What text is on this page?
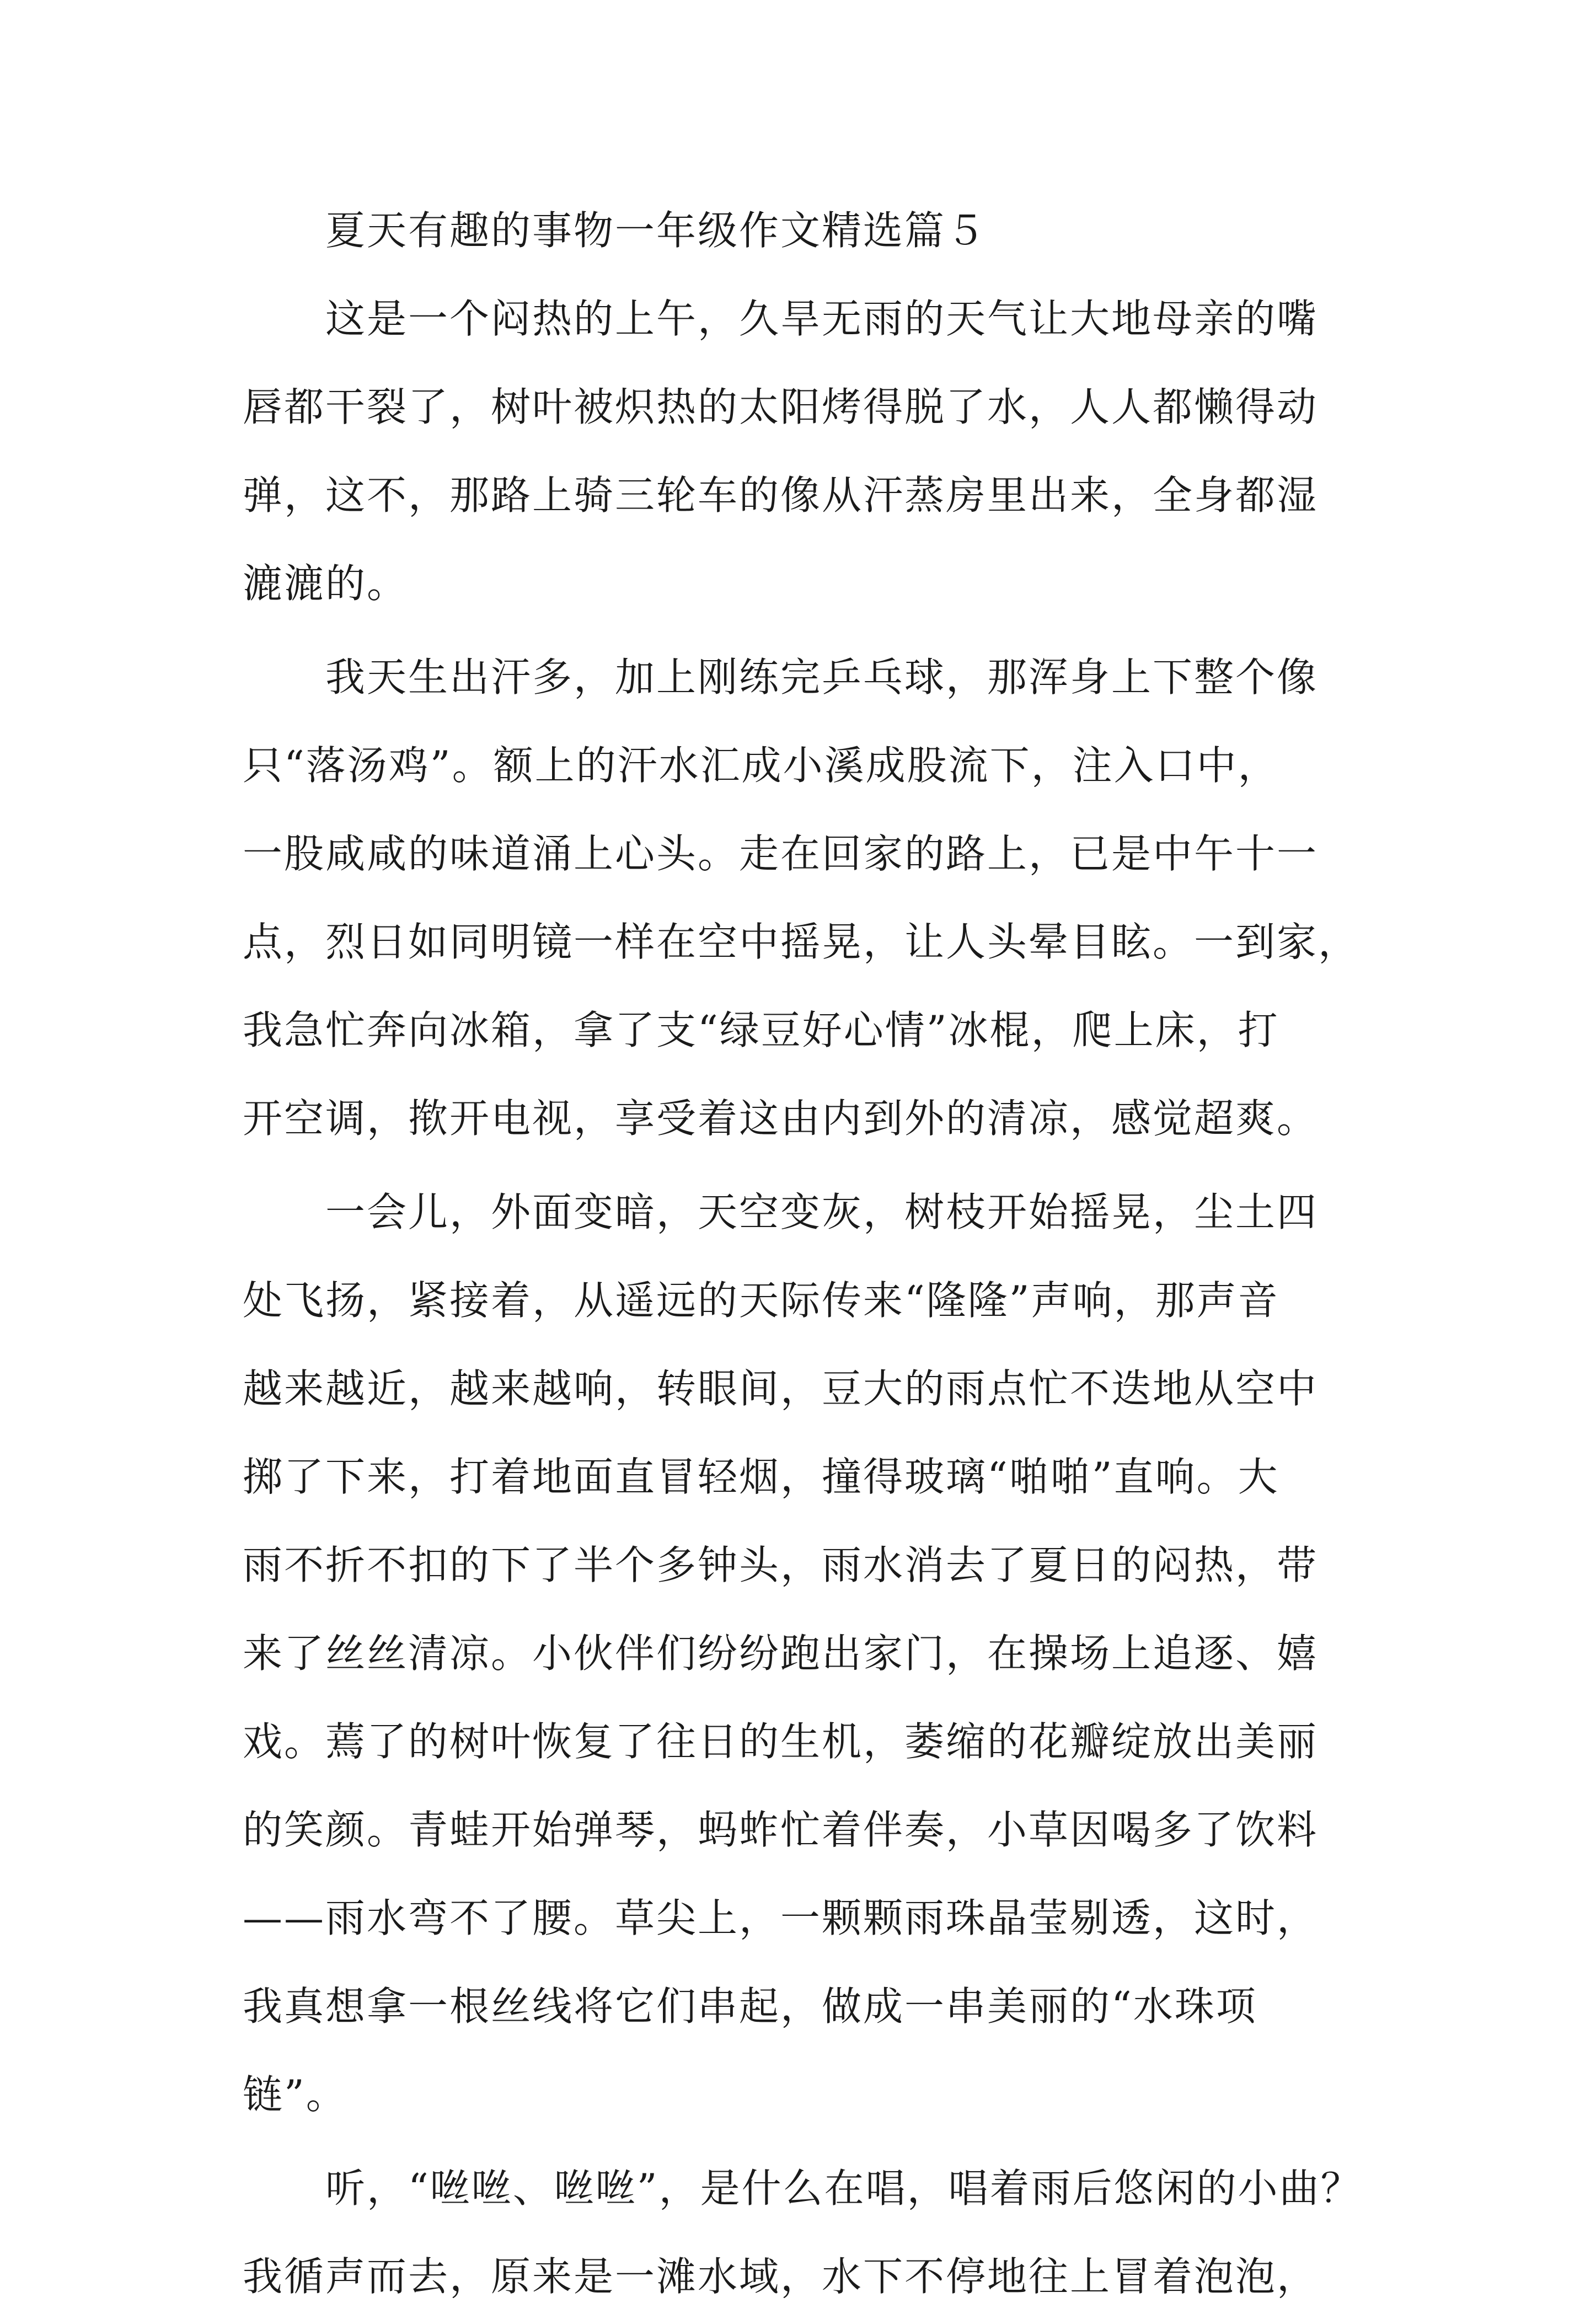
夏天有趣的事物一年级作文精选篇５
这是一个闷热的上午，久旱无雨的天气让大地母亲的嘴
唇都干裂了，树叶被炽热的太阳烤得脱了水，人人都懒得动
弹，这不，那路上骑三轮车的像从汗蒸房里出来，全身都湿
漉漉的。
我天生出汗多，加上刚练完乒乓球，那浑身上下整个像
只“落汤鸡”。额上的汗水汇成小溪成股流下，注入口中，
一股咸咸的味道涌上心头。走在回家的路上，已是中午十一
点，烈日如同明镜一样在空中摇晃，让人头晕目眩。一到家，
我急忙奔向冰箱，拿了支“绿豆好心情”冰棍，爬上床，打
开空调，揿开电视，享受着这由内到外的清凉，感觉超爽。
一会儿，外面变暗，天空变灰，树枝开始摇晃，尘土四
处飞扬，紧接着，从遥远的天际传来“隆隆”声响，那声音
越来越近，越来越响，转眼间，豆大的雨点忙不迭地从空中
掷了下来，打着地面直冒轻烟，撞得玻璃“啪啪”直响。大
雨不折不扣的下了半个多钟头，雨水消去了夏日的闷热，带
来了丝丝清凉。小伙伴们纷纷跑出家门，在操场上追逐、嬉
戏。蔫了的树叶恢复了往日的生机，萎缩的花瓣绽放出美丽
的笑颜。青蛙开始弹琴，蚂蚱忙着伴奏，小草因喝多了饮料
——雨水弯不了腰。草尖上，一颗颗雨珠晶莹剔透，这时，
我真想拿一根丝线将它们串起，做成一串美丽的“水珠项
链”。
听，“咝咝、咝咝”，是什么在唱，唱着雨后悠闲的小曲？
我循声而去，原来是一滩水域，水下不停地往上冒着泡泡，
